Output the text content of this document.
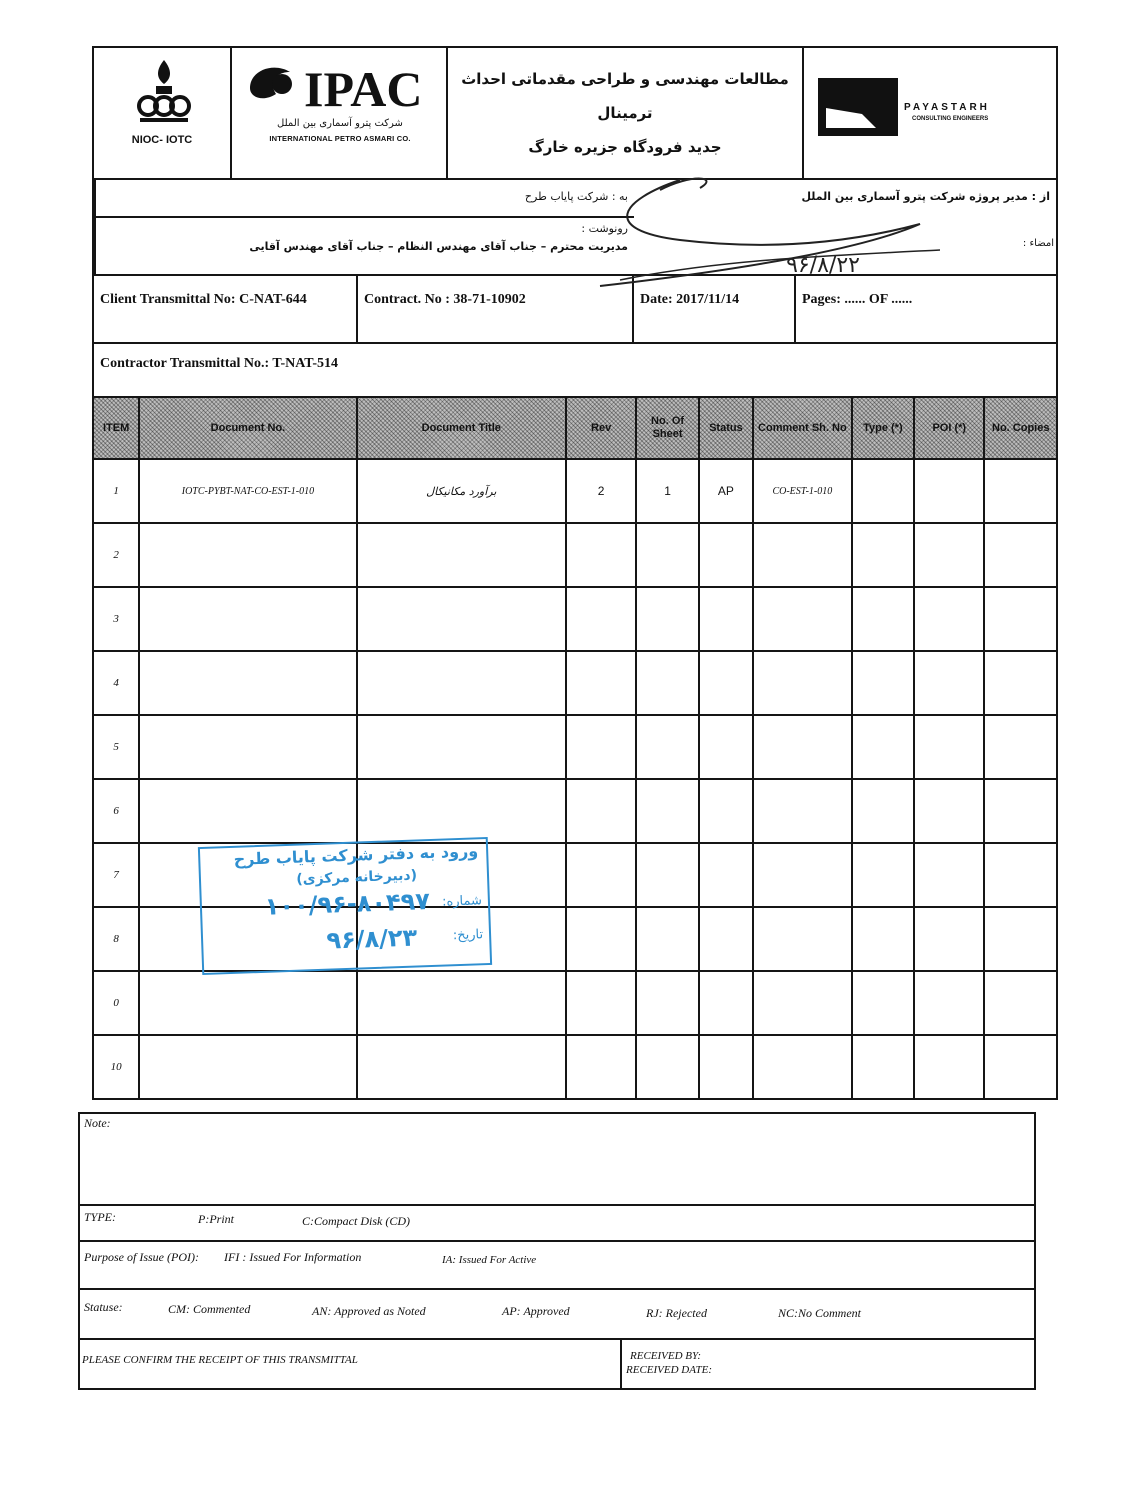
NIOC- IOTC
IPAC
شرکت پترو آسماری بین الملل
INTERNATIONAL PETRO ASMARI CO.
مطالعات مهندسی و طراحی مقدماتی احداث ترمینال
جدید فرودگاه جزیره خارگ
PAYASTARH
CONSULTING ENGINEERS
از : مدیر پروژه شرکت پترو آسماری بین الملل
امضاء :
به : شرکت پایاب طرح
رونوشت :
مدیریت محترم – جناب آقای مهندس النظام – جناب آقای مهندس آقایی
Client Transmittal No: C-NAT-644	Contract. No : 38-71-10902	Date: 2017/11/14	Pages: ...... OF ......
Contractor Transmittal No.: T-NAT-514
ITEM	Document No.	Document Title	Rev	No. Of Sheet	Status	Comment Sh. No	Type (*)	POI (*)	No. Copies
1	IOTC-PYBT-NAT-CO-EST-1-010	برآورد مکانیکال	2	1	AP	CO-EST-1-010			
2									
3									
4									
5									
6									
7									
8									
0									
10									
Note:
TYPE:	P:Print	C:Compact Disk (CD)
Purpose of Issue (POI): IFI : Issued For Information	IA: Issued For Active
Statuse:	CM: Commented	AN: Approved as Noted	AP: Approved	RJ: Rejected	NC:No Comment
PLEASE CONFIRM THE RECEIPT OF THIS TRANSMITTAL	RECEIVED BY:
RECEIVED DATE:
۹۶/۸/۲۲
ورود به دفتر شرکت پایاب طرح
(دبیرخانه مرکزی)
شماره:
۱۰۰/۹۶-۸۰۴۹۷
تاریخ:
۹۶/۸/۲۳
